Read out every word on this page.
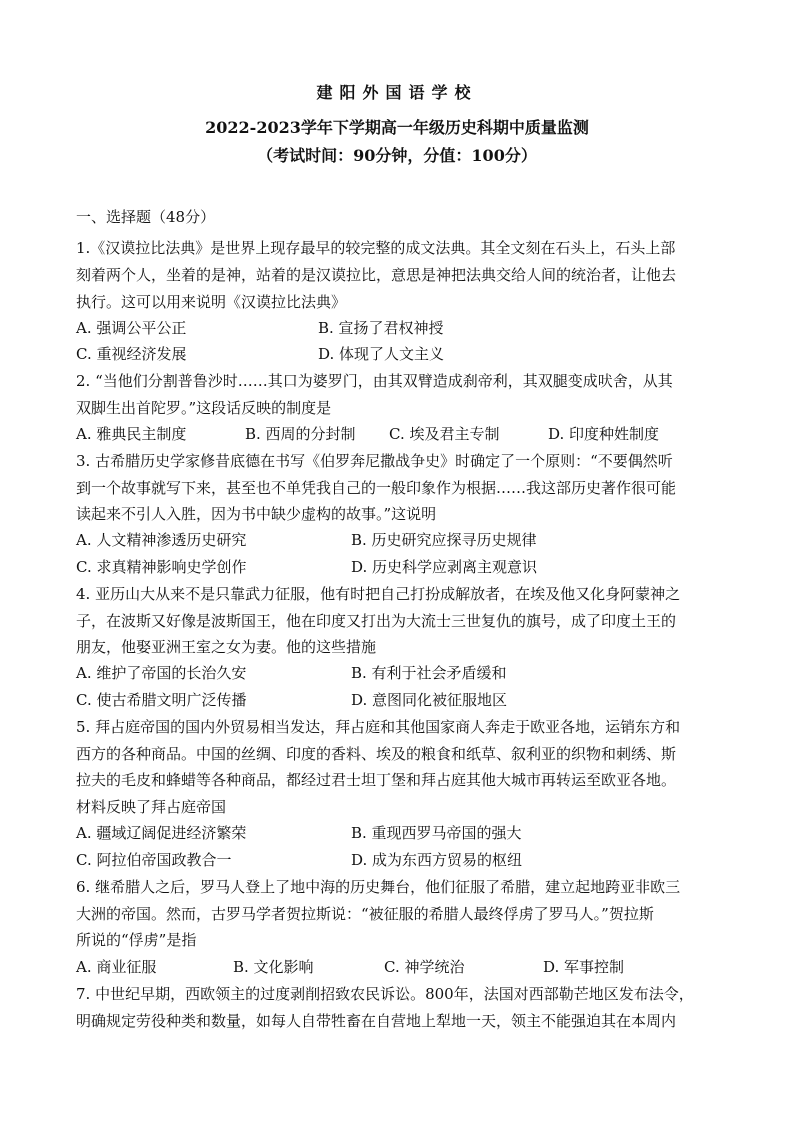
建阳外国语学校
2022-2023学年下学期高一年级历史科期中质量监测
（考试时间：90分钟，分值：100分）
一、选择题（48分）
1.《汉谟拉比法典》是世界上现存最早的较完整的成文法典。其全文刻在石头上，石头上部
刻着两个人，坐着的是神，站着的是汉谟拉比，意思是神把法典交给人间的统治者，让他去
执行。这可以用来说明《汉谟拉比法典》
A. 强调公平公正	B. 宣扬了君权神授
C. 重视经济发展	D. 体现了人文主义
2. “当他们分割普鲁沙时……其口为婆罗门，由其双臂造成刹帝利，其双腿变成吠舍，从其
双脚生出首陀罗。”这段话反映的制度是
A. 雅典民主制度	B. 西周的分封制 C. 埃及君主专制	D. 印度种姓制度
3. 古希腊历史学家修昔底德在书写《伯罗奔尼撒战争史》时确定了一个原则：“不要偶然听
到一个故事就写下来，甚至也不单凭我自己的一般印象作为根据……我这部历史著作很可能
读起来不引人入胜，因为书中缺少虚构的故事。”这说明
A. 人文精神渗透历史研究	B. 历史研究应探寻历史规律
C. 求真精神影响史学创作	D. 历史科学应剥离主观意识
4. 亚历山大从来不是只靠武力征服，他有时把自己打扮成解放者，在埃及他又化身阿蒙神之
子，在波斯又好像是波斯国王，他在印度又打出为大流士三世复仇的旗号，成了印度土王的
朋友，他娶亚洲王室之女为妻。他的这些措施
A. 维护了帝国的长治久安	B. 有利于社会矛盾缓和
C. 使古希腊文明广泛传播	D. 意图同化被征服地区
5. 拜占庭帝国的国内外贸易相当发达，拜占庭和其他国家商人奔走于欧亚各地，运销东方和
西方的各种商品。中国的丝绸、印度的香料、埃及的粮食和纸草、叙利亚的织物和刺绣、斯
拉夫的毛皮和蜂蜡等各种商品，都经过君士坦丁堡和拜占庭其他大城市再转运至欧亚各地。
材料反映了拜占庭帝国
A. 疆域辽阔促进经济繁荣	B. 重现西罗马帝国的强大
C. 阿拉伯帝国政教合一	D. 成为东西方贸易的枢纽
6. 继希腊人之后，罗马人登上了地中海的历史舞台，他们征服了希腊，建立起地跨亚非欧三
大洲的帝国。然而，古罗马学者贺拉斯说：“被征服的希腊人最终俘虏了罗马人。”贺拉斯
所说的“俘虏”是指
A. 商业征服	B. 文化影响	C. 神学统治	D. 军事控制
7. 中世纪早期，西欧领主的过度剥削招致农民诉讼。800年，法国对西部勒芒地区发布法令，
明确规定劳役种类和数量，如每人自带牲畜在自营地上犁地一天，领主不能强迫其在本周内
